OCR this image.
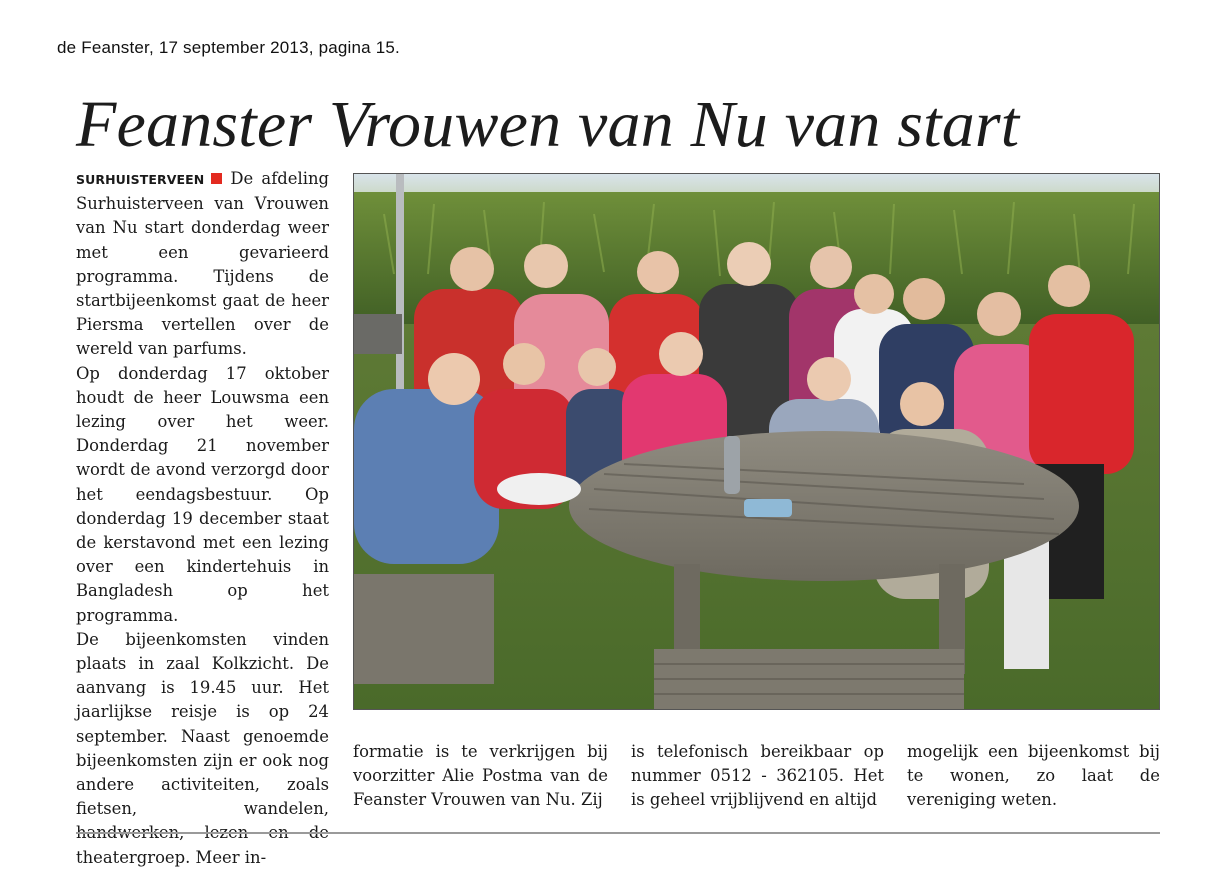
de Feanster, 17 september 2013, pagina 15.
Feanster Vrouwen van Nu van start

SURHUISTERVEEN De afdeling Surhuisterveen van Vrouwen van Nu start donderdag weer met een gevarieerd programma. Tijdens de startbijeenkomst gaat de heer Piersma vertellen over de wereld van parfums.

Op donderdag 17 oktober houdt de heer Louwsma een lezing over het weer. Donderdag 21 november wordt de avond verzorgd door het eendagsbestuur. Op donderdag 19 december staat de kerstavond met een lezing over een kindertehuis in Bangladesh op het programma.

De bijeenkomsten vinden plaats in zaal Kolkzicht. De aanvang is 19.45 uur. Het jaarlijkse reisje is op 24 september. Naast genoemde bijeenkomsten zijn er ook nog andere activiteiten, zoals fietsen, wandelen, handwerken, lezen en de theatergroep. Meer in-

formatie is te verkrijgen bij voorzitter Alie Postma van de Feanster Vrouwen van Nu. Zij

is telefonisch bereikbaar op nummer 0512 - 362105. Het is geheel vrijblijvend en altijd

mogelijk een bijeenkomst bij te wonen, zo laat de vereniging weten.
